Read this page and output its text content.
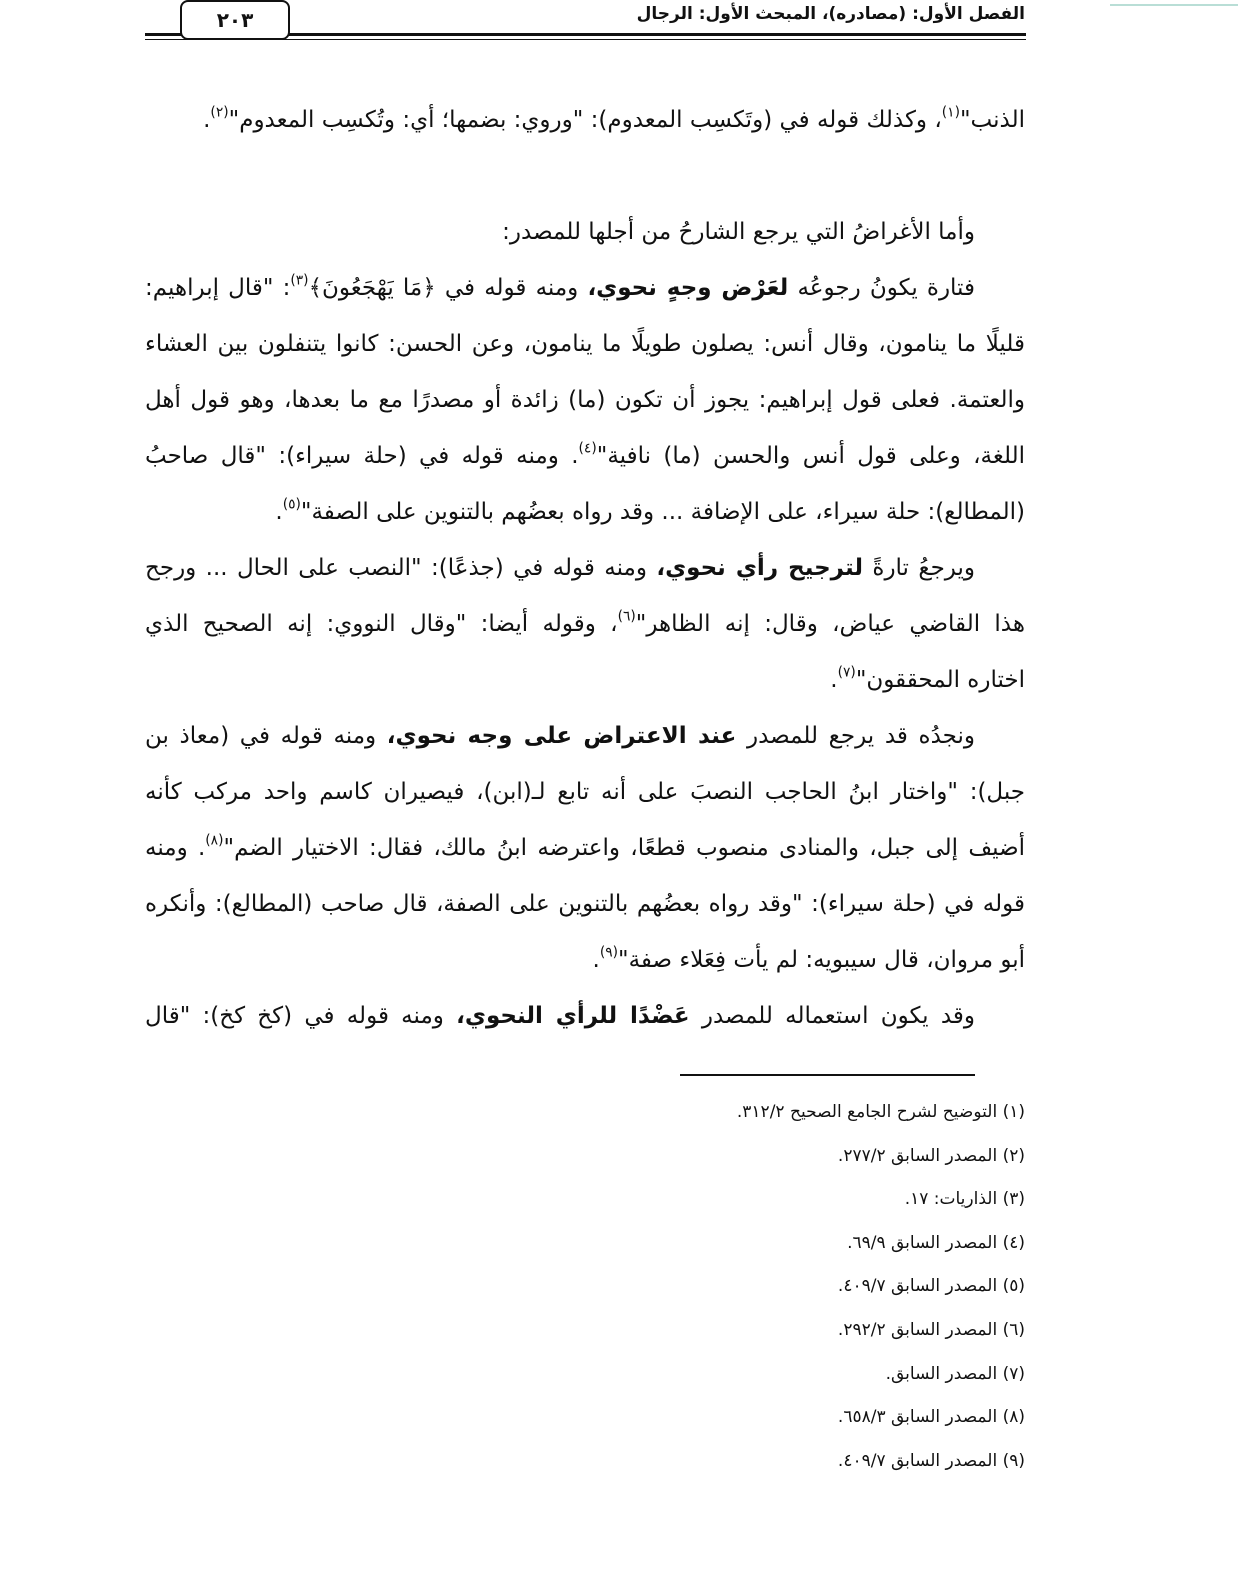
الفصل الأول: (مصادره)، المبحث الأول: الرجال
٢٠٣
الذنب"$^{(١)}$، وكذلك قوله في (وتَكسِب المعدوم): "وروي: بضمها؛ أي: وتُكسِب المعدوم"$^{(٢)}$.
وأما الأغراضُ التي يرجع الشارحُ من أجلها للمصدر:
فتارة يكونُ رجوعُه لعَرْض وجهٍ نحوي، ومنه قوله في ﴿مَا يَهْجَعُونَ﴾$^{(٣)}$: "قال إبراهيم:
قليلًا ما ينامون، وقال أنس: يصلون طويلًا ما ينامون، وعن الحسن: كانوا يتنفلون بين العشاء
والعتمة. فعلى قول إبراهيم: يجوز أن تكون (ما) زائدة أو مصدرًا مع ما بعدها، وهو قول أهل
اللغة، وعلى قول أنس والحسن (ما) نافية"$^{(٤)}$. ومنه قوله في (حلة سيراء): "قال صاحبُ
(المطالع): حلة سيراء، على الإضافة ... وقد رواه بعضُهم بالتنوين على الصفة"$^{(٥)}$.
ويرجعُ تارةً لترجيح رأي نحوي، ومنه قوله في (جذعًا): "النصب على الحال ... ورجح
هذا القاضي عياض، وقال: إنه الظاهر"$^{(٦)}$، وقوله أيضا: "وقال النووي: إنه الصحيح الذي
اختاره المحققون"$^{(٧)}$.
ونجدُه قد يرجع للمصدر عند الاعتراض على وجه نحوي، ومنه قوله في (معاذ بن
جبل): "واختار ابنُ الحاجب النصبَ على أنه تابع لـ(ابن)، فيصيران كاسم واحد مركب كأنه
أضيف إلى جبل، والمنادى منصوب قطعًا، واعترضه ابنُ مالك، فقال: الاختيار الضم"$^{(٨)}$. ومنه
قوله في (حلة سيراء): "وقد رواه بعضُهم بالتنوين على الصفة، قال صاحب (المطالع): وأنكره
أبو مروان، قال سيبويه: لم يأت فِعَلاء صفة"$^{(٩)}$.
وقد يكون استعماله للمصدر عَضْدًا للرأي النحوي، ومنه قوله في (كخ كخ): "قال
(١) التوضيح لشرح الجامع الصحيح ٣١٢/٢.
(٢) المصدر السابق ٢٧٧/٢.
(٣) الذاريات: ١٧.
(٤) المصدر السابق ٦٩/٩.
(٥) المصدر السابق ٤٠٩/٧.
(٦) المصدر السابق ٢٩٢/٢.
(٧) المصدر السابق.
(٨) المصدر السابق ٦٥٨/٣.
(٩) المصدر السابق ٤٠٩/٧.
